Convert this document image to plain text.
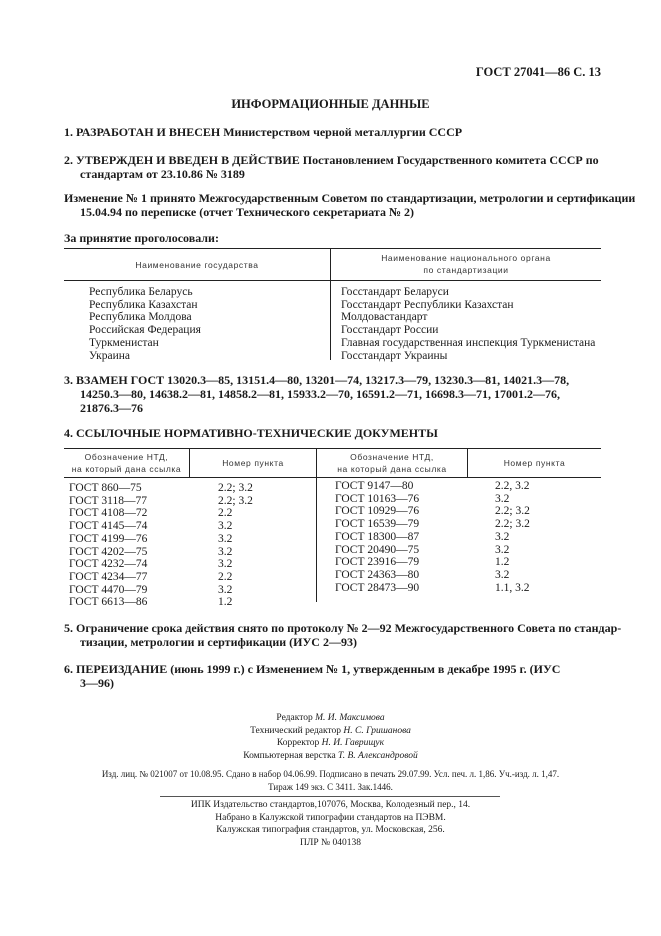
ГОСТ 27041—86 С. 13
ИНФОРМАЦИОННЫЕ ДАННЫЕ
1. РАЗРАБОТАН И ВНЕСЕН Министерством черной металлургии СССР
2. УТВЕРЖДЕН И ВВЕДЕН В ДЕЙСТВИЕ Постановлением Государственного комитета СССР по
стандартам от 23.10.86 № 3189
Изменение № 1 принято Межгосударственным Советом по стандартизации, метрологии и сертификации
15.04.94 по переписке (отчет Технического секретариата № 2)
За принятие проголосовали:
Наименование государства
Наименование национального органа
по стандартизации
Республика Беларусь
Республика Казахстан
Республика Молдова
Российская Федерация
Туркменистан
Украина
Госстандарт Беларуси
Госстандарт Республики Казахстан
Молдовастандарт
Госстандарт России
Главная государственная инспекция Туркменистана
Госстандарт Украины
3. ВЗАМЕН ГОСТ 13020.3—85, 13151.4—80, 13201—74, 13217.3—79, 13230.3—81, 14021.3—78,
14250.3—80, 14638.2—81, 14858.2—81, 15933.2—70, 16591.2—71, 16698.3—71, 17001.2—76,
21876.3—76
4. ССЫЛОЧНЫЕ НОРМАТИВНО-ТЕХНИЧЕСКИЕ ДОКУМЕНТЫ
Обозначение НТД,
на который дана ссылка
Номер пункта
Обозначение НТД,
на который дана ссылка
Номер пункта
ГОСТ 860—75
ГОСТ 3118—77
ГОСТ 4108—72
ГОСТ 4145—74
ГОСТ 4199—76
ГОСТ 4202—75
ГОСТ 4232—74
ГОСТ 4234—77
ГОСТ 4470—79
ГОСТ 6613—86
2.2; 3.2
2.2; 3.2
2.2
3.2
3.2
3.2
3.2
2.2
3.2
1.2
ГОСТ 9147—80
ГОСТ 10163—76
ГОСТ 10929—76
ГОСТ 16539—79
ГОСТ 18300—87
ГОСТ 20490—75
ГОСТ 23916—79
ГОСТ 24363—80
ГОСТ 28473—90
2.2, 3.2
3.2
2.2; 3.2
2.2; 3.2
3.2
3.2
1.2
3.2
1.1, 3.2
5. Ограничение срока действия снято по протоколу № 2—92 Межгосударственного Совета по стандар-
тизации, метрологии и сертификации (ИУС 2—93)
6. ПЕРЕИЗДАНИЕ (июнь 1999 г.) с Изменением № 1, утвержденным в декабре 1995 г. (ИУС
3—96)
Редактор М. И. Максимова
Технический редактор Н. С. Гришанова
Корректор Н. И. Гаврищук
Компьютерная верстка Т. В. Александровой
Изд. лиц. № 021007 от 10.08.95. Сдано в набор 04.06.99. Подписано в печать 29.07.99. Усл. печ. л. 1,86. Уч.-изд. л. 1,47.
Тираж 149 экз. С 3411. Зак.1446.
ИПК Издательство стандартов,107076, Москва, Колодезный пер., 14.
Набрано в Калужской типографии стандартов на ПЭВМ.
Калужская типография стандартов, ул. Московская, 256.
ПЛР № 040138
